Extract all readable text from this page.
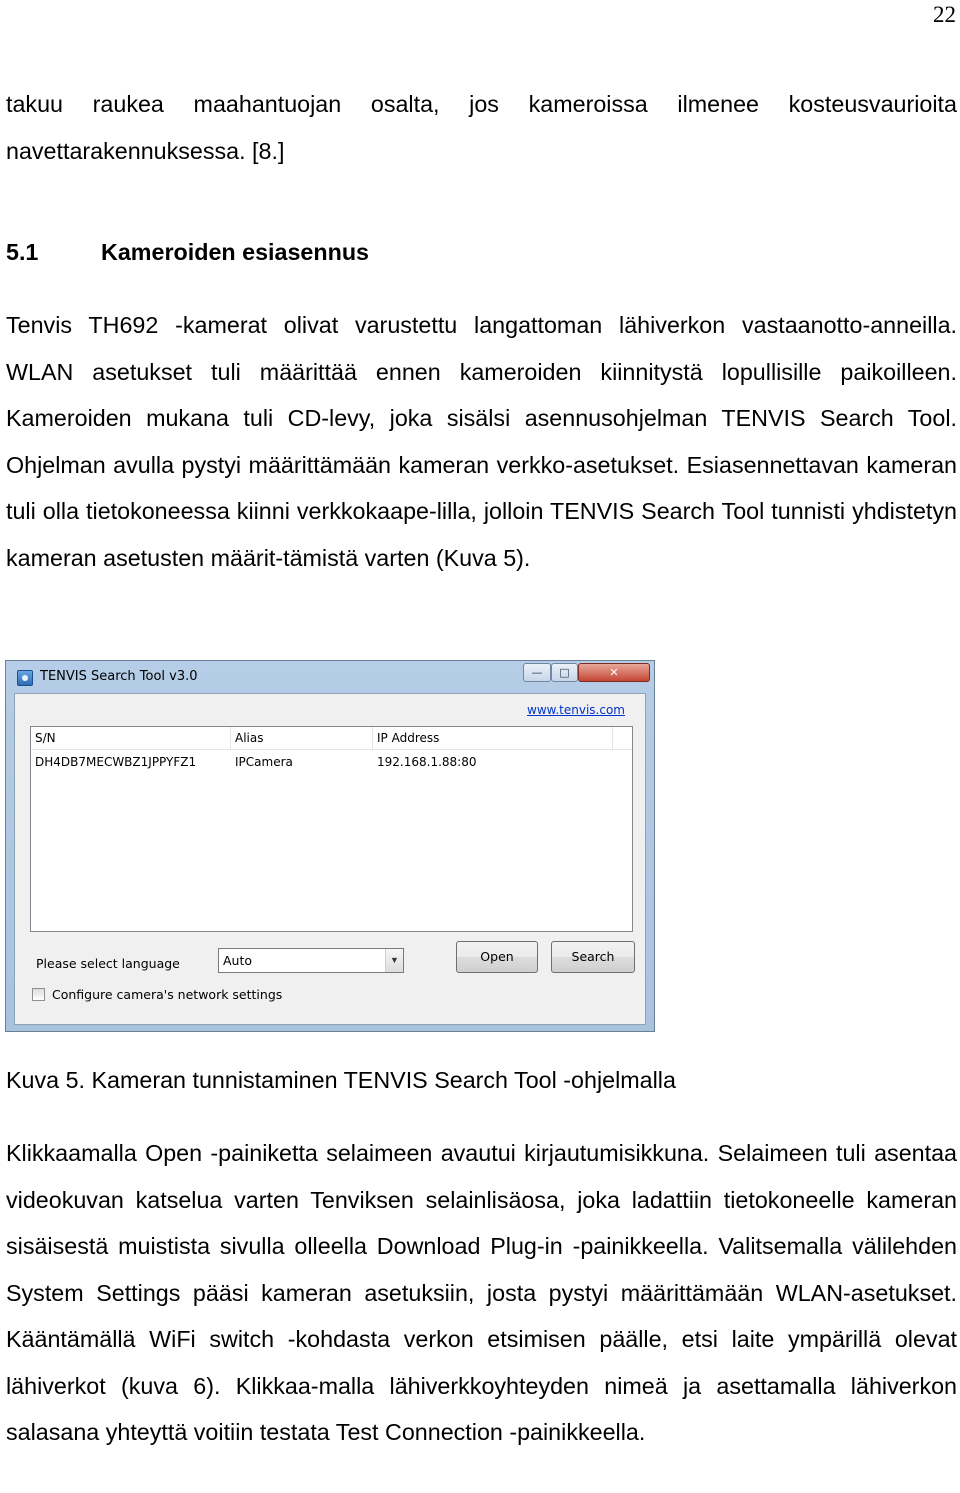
22

takuu raukea maahantuojan osalta, jos kameroissa ilmenee kosteusvaurioita navettarakennuksessa. [8.]

5.1	Kameroiden esiasennus

Tenvis TH692 -kamerat olivat varustettu langattoman lähiverkon vastaanotto-anneilla. WLAN asetukset tuli määrittää ennen kameroiden kiinnitystä lopullisille paikoilleen. Kameroiden mukana tuli CD-levy, joka sisälsi asennusohjelman TENVIS Search Tool. Ohjelman avulla pystyi määrittämään kameran verkko-asetukset. Esiasennettavan kameran tuli olla tietokoneessa kiinni verkkokaape-lilla, jolloin TENVIS Search Tool tunnisti yhdistetyn kameran asetusten määrit-tämistä varten (Kuva 5).

TENVIS Search Tool v3.0	—	□	✕
www.tenvis.com
S/N	Alias	IP Address
DH4DB7MECWBZ1JPPYFZ1	IPCamera	192.168.1.88:80
Please select language	Auto	▼	Open	Search
Configure camera's network settings

Kuva 5. Kameran tunnistaminen TENVIS Search Tool -ohjelmalla

Klikkaamalla Open -painiketta selaimeen avautui kirjautumisikkuna. Selaimeen tuli asentaa videokuvan katselua varten Tenviksen selainlisäosa, joka ladattiin tietokoneelle kameran sisäisestä muistista sivulla olleella Download Plug-in -painikkeella. Valitsemalla välilehden System Settings pääsi kameran asetuksiin, josta pystyi määrittämään WLAN-asetukset. Kääntämällä WiFi switch -kohdasta verkon etsimisen päälle, etsi laite ympärillä olevat lähiverkot (kuva 6). Klikkaa-malla lähiverkkoyhteyden nimeä ja asettamalla lähiverkon salasana yhteyttä voitiin testata Test Connection -painikkeella.
